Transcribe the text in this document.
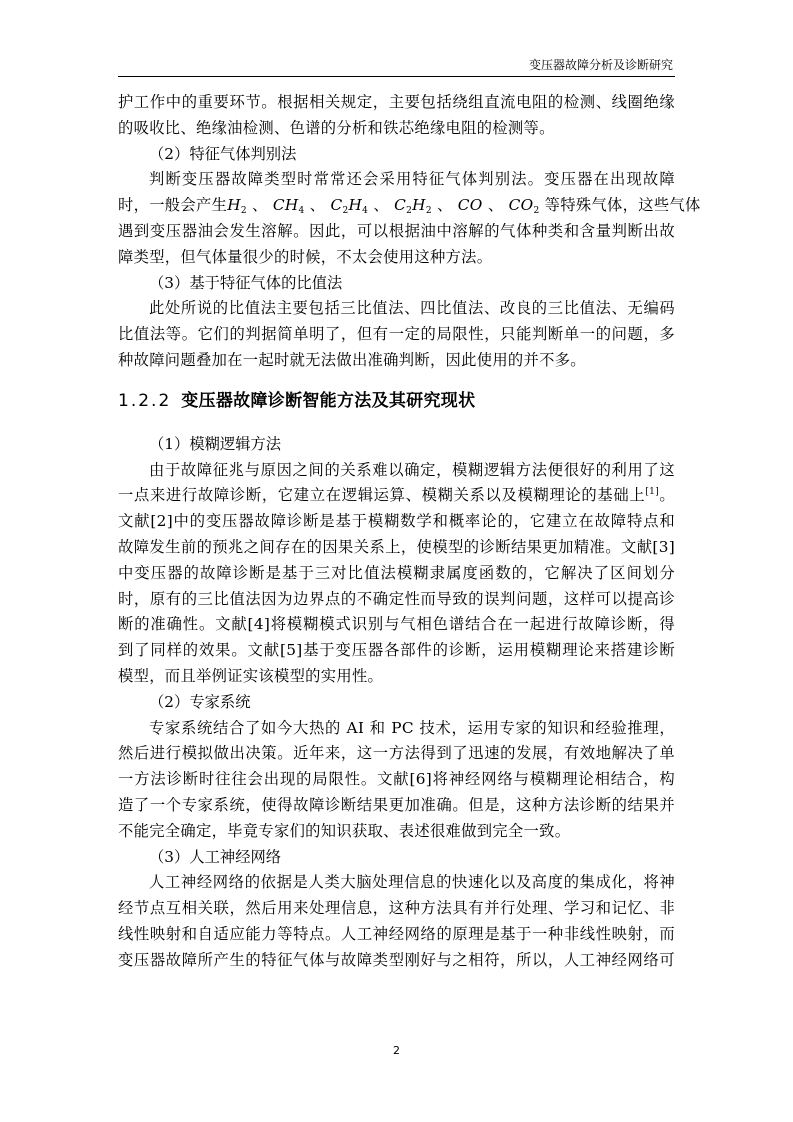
变压器故障分析及诊断研究

护工作中的重要环节。根据相关规定，主要包括绕组直流电阻的检测、线圈绝缘
的吸收比、绝缘油检测、色谱的分析和铁芯绝缘电阻的检测等。

（2）特征气体判别法

判断变压器故障类型时常常还会采用特征气体判别法。变压器在出现故障
时，一般会产生$H_2$ 、 $CH_4$ 、 $C_2H_4$ 、 $C_2H_2$ 、 CO 、 $CO_2$ 等特殊气体，这些气体
遇到变压器油会发生溶解。因此，可以根据油中溶解的气体种类和含量判断出故
障类型，但气体量很少的时候，不太会使用这种方法。

（3）基于特征气体的比值法

此处所说的比值法主要包括三比值法、四比值法、改良的三比值法、无编码
比值法等。它们的判据简单明了，但有一定的局限性，只能判断单一的问题，多
种故障问题叠加在一起时就无法做出准确判断，因此使用的并不多。

1.2.2 变压器故障诊断智能方法及其研究现状

（1）模糊逻辑方法

由于故障征兆与原因之间的关系难以确定，模糊逻辑方法便很好的利用了这
一点来进行故障诊断，它建立在逻辑运算、模糊关系以及模糊理论的基础上[1]。
文献[2]中的变压器故障诊断是基于模糊数学和概率论的，它建立在故障特点和
故障发生前的预兆之间存在的因果关系上，使模型的诊断结果更加精准。文献[3]
中变压器的故障诊断是基于三对比值法模糊隶属度函数的，它解决了区间划分
时，原有的三比值法因为边界点的不确定性而导致的误判问题，这样可以提高诊
断的准确性。文献[4]将模糊模式识别与气相色谱结合在一起进行故障诊断，得
到了同样的效果。文献[5]基于变压器各部件的诊断，运用模糊理论来搭建诊断
模型，而且举例证实该模型的实用性。

（2）专家系统

专家系统结合了如今大热的 AI 和 PC 技术，运用专家的知识和经验推理，
然后进行模拟做出决策。近年来，这一方法得到了迅速的发展，有效地解决了单
一方法诊断时往往会出现的局限性。文献[6]将神经网络与模糊理论相结合，构
造了一个专家系统，使得故障诊断结果更加准确。但是，这种方法诊断的结果并
不能完全确定，毕竟专家们的知识获取、表述很难做到完全一致。

（3）人工神经网络

人工神经网络的依据是人类大脑处理信息的快速化以及高度的集成化，将神
经节点互相关联，然后用来处理信息，这种方法具有并行处理、学习和记忆、非
线性映射和自适应能力等特点。人工神经网络的原理是基于一种非线性映射，而
变压器故障所产生的特征气体与故障类型刚好与之相符，所以，人工神经网络可

2
